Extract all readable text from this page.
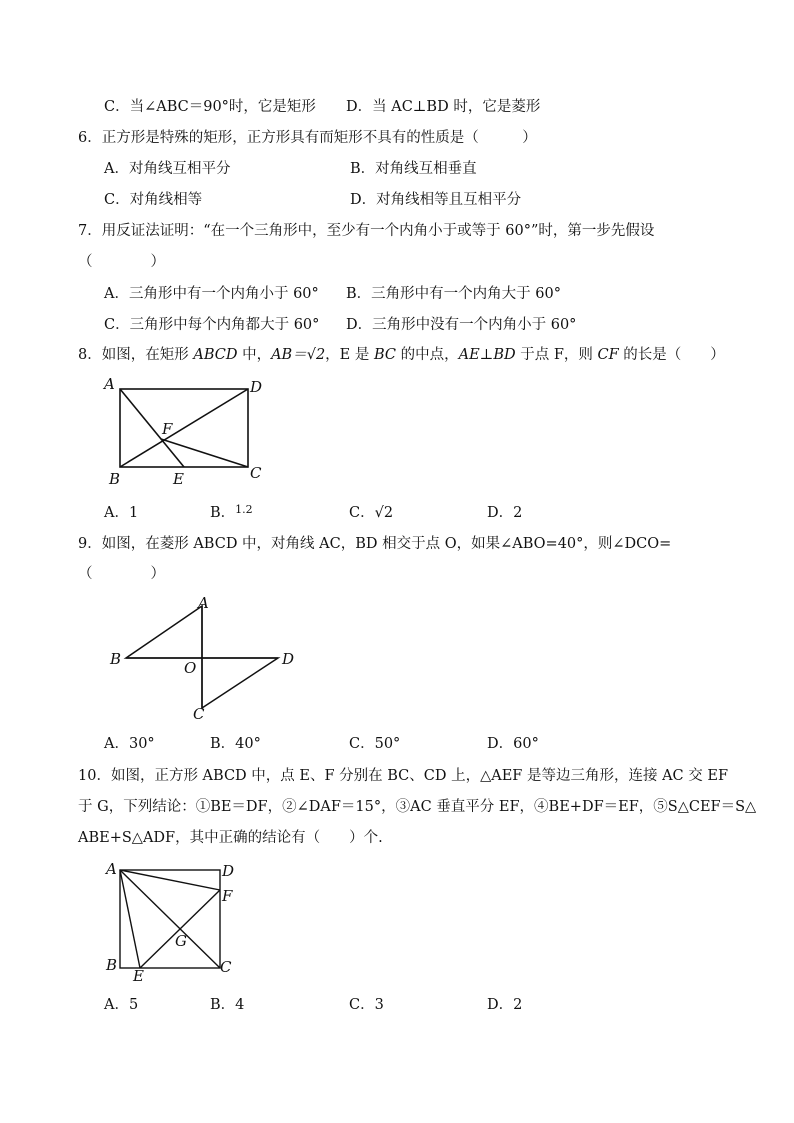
C．当∠ABC＝90°时，它是矩形 D．当 AC⊥BD 时，它是菱形
6．正方形是特殊的矩形，正方形具有而矩形不具有的性质是（　　　）
A．对角线互相平分	B．对角线互相垂直
C．对角线相等	D．对角线相等且互相平分
7．用反证法证明：“在一个三角形中，至少有一个内角小于或等于 60°”时，第一步先假设
（　　　　）
A．三角形中有一个内角小于 60° B．三角形中有一个内角大于 60°
C．三角形中每个内角都大于 60° D．三角形中没有一个内角小于 60°
8．如图，在矩形 ABCD 中，AB＝√2，E 是 BC 的中点，AE⊥BD 于点 F，则 CF 的长是（　　）
A	D
B	C
E
F
A．1	B．$^{1.2}$	C．√2	D．2
9．如图，在菱形 ABCD 中，对角线 AC，BD 相交于点 O，如果∠ABO=40°，则∠DCO=
（　　　　）
A
B	D
C
O
A．30°	B．40°	C．50°	D．60°
10．如图，正方形 ABCD 中，点 E、F 分别在 BC、CD 上，△AEF 是等边三角形，连接 AC 交 EF
于 G，下列结论：①BE＝DF，②∠DAF＝15°，③AC 垂直平分 EF，④BE+DF＝EF，⑤S△CEF＝S△
ABE+S△ADF，其中正确的结论有（　　）个.
A	D
F
G
B
E	C
A．5	B．4	C．3	D．2
